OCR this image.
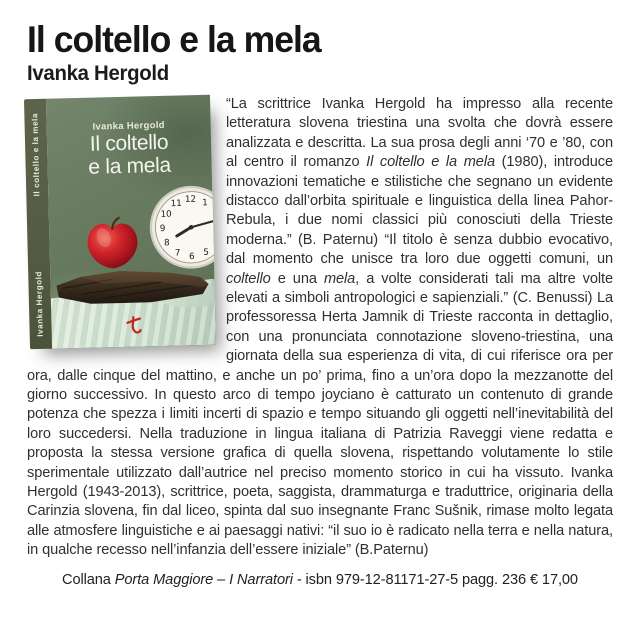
Il coltello e la mela
Ivanka Hergold
Il coltello e la mela
Ivanka Hergold
Ivanka Hergold
Il coltello
e la mela
12 1
2
3
4
5
6
7
8
9
10
11
“La scrittrice Ivanka Hergold ha impresso alla recente letteratura slovena triestina una svolta che dovrà essere analizzata e descritta. La sua prosa degli anni ‘70 e ’80, con al centro il romanzo Il coltello e la mela (1980), introduce innovazioni tematiche e stilistiche che segnano un evidente distacco dall’orbita spirituale e linguistica della linea Pahor-Rebula, i due nomi classici più conosciuti della Trieste moderna.” (B. Paternu) “Il titolo è senza dubbio evocativo, dal momento che unisce tra loro due oggetti comuni, un coltello e una mela, a volte considerati tali ma altre volte elevati a simboli antropologici e sapienziali.” (C. Benussi) La professoressa Herta Jamnik di Trieste racconta in dettaglio, con una pronunciata connotazione sloveno-triestina, una giornata della sua esperienza di vita, di cui riferisce ora per ora, dalle cinque del mattino, e anche un po’ prima, fino a un’ora dopo la mezzanotte del giorno successivo. In questo arco di tempo joyciano è catturato un contenuto di grande potenza che spezza i limiti incerti di spazio e tempo situando gli oggetti nell’inevitabilità del loro succedersi. Nella traduzione in lingua italiana di Patrizia Raveggi viene redatta e proposta la stessa versione grafica di quella slovena, rispettando volutamente lo stile sperimentale utilizzato dall’autrice nel preciso momento storico in cui ha vissuto. Ivanka Hergold (1943-2013), scrittrice, poeta, saggista, drammaturga e traduttrice, originaria della Carinzia slovena, fin dal liceo, spinta dal suo insegnante Franc Sušnik, rimase molto legata alle atmosfere linguistiche e ai paesaggi nativi: “il suo io è radicato nella terra e nella natura, in qualche recesso nell’infanzia dell’essere iniziale” (B.Paternu)
Collana Porta Maggiore – I Narratori - isbn 979-12-81171-27-5 pagg. 236 € 17,00
